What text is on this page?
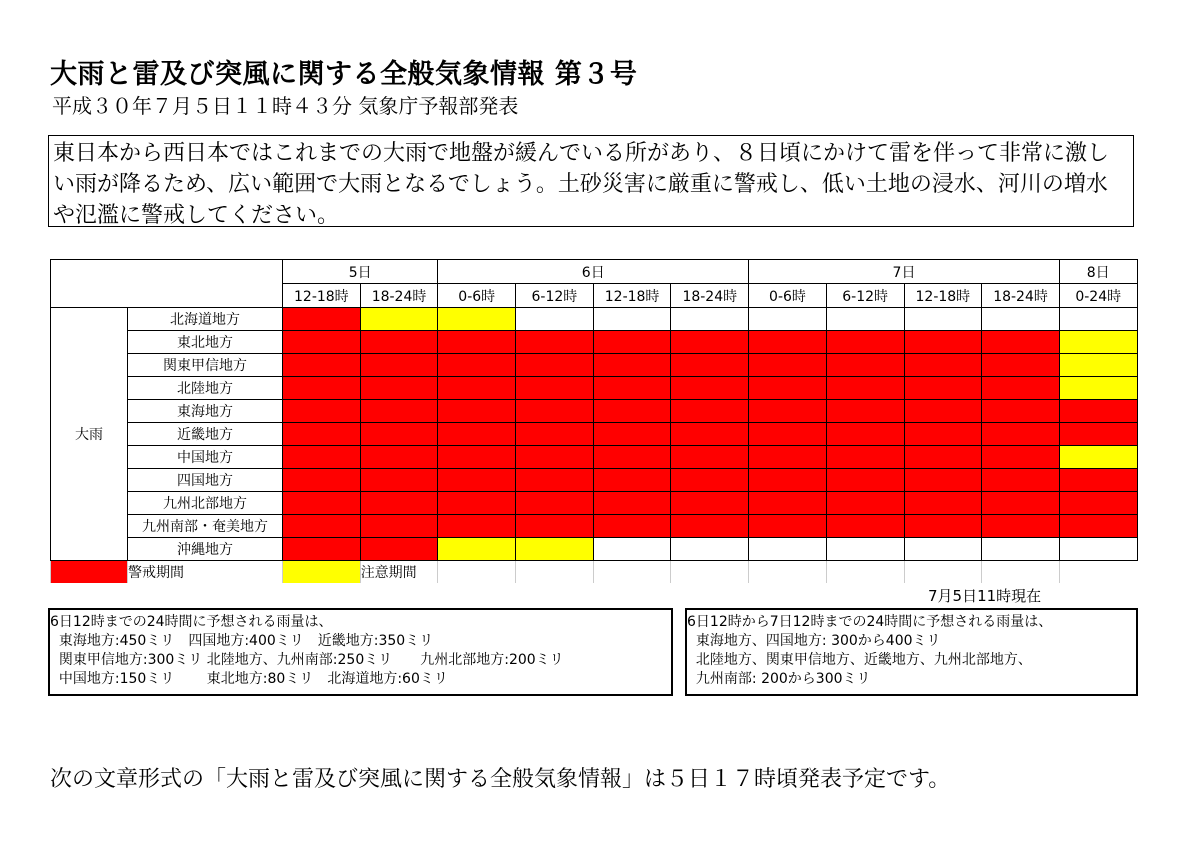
大雨と雷及び突風に関する全般気象情報 第３号
平成３０年７月５日１１時４３分 気象庁予報部発表
東日本から西日本ではこれまでの大雨で地盤が緩んでいる所があり、８日頃にかけて雷を伴って非常に激しい雨が降るため、広い範囲で大雨となるでしょう。土砂災害に厳重に警戒し、低い土地の浸水、河川の増水や氾濫に警戒してください。
		5日		6日				7日				8日
		12-18時	18-24時	0-6時	6-12時	12-18時	18-24時	0-6時	6-12時	12-18時	18-24時	0-24時
大雨	北海道地方											
	東北地方											
	関東甲信地方											
	北陸地方											
	東海地方											
	近畿地方											
	中国地方											
	四国地方											
	九州北部地方											
	九州南部・奄美地方											
	沖縄地方											
	警戒期間		注意期間									
7月5日11時現在
6日12時までの24時間に予想される雨量は、
東海地方:450ミリ　四国地方:400ミリ　近畿地方:350ミリ
関東甲信地方:300ミリ 北陸地方、九州南部:250ミリ　　九州北部地方:200ミリ
中国地方:150ミリ　　 東北地方:80ミリ　北海道地方:60ミリ
6日12時から7日12時までの24時間に予想される雨量は、
東海地方、四国地方: 300から400ミリ
北陸地方、関東甲信地方、近畿地方、九州北部地方、
九州南部: 200から300ミリ
次の文章形式の「大雨と雷及び突風に関する全般気象情報」は５日１７時頃発表予定です。
